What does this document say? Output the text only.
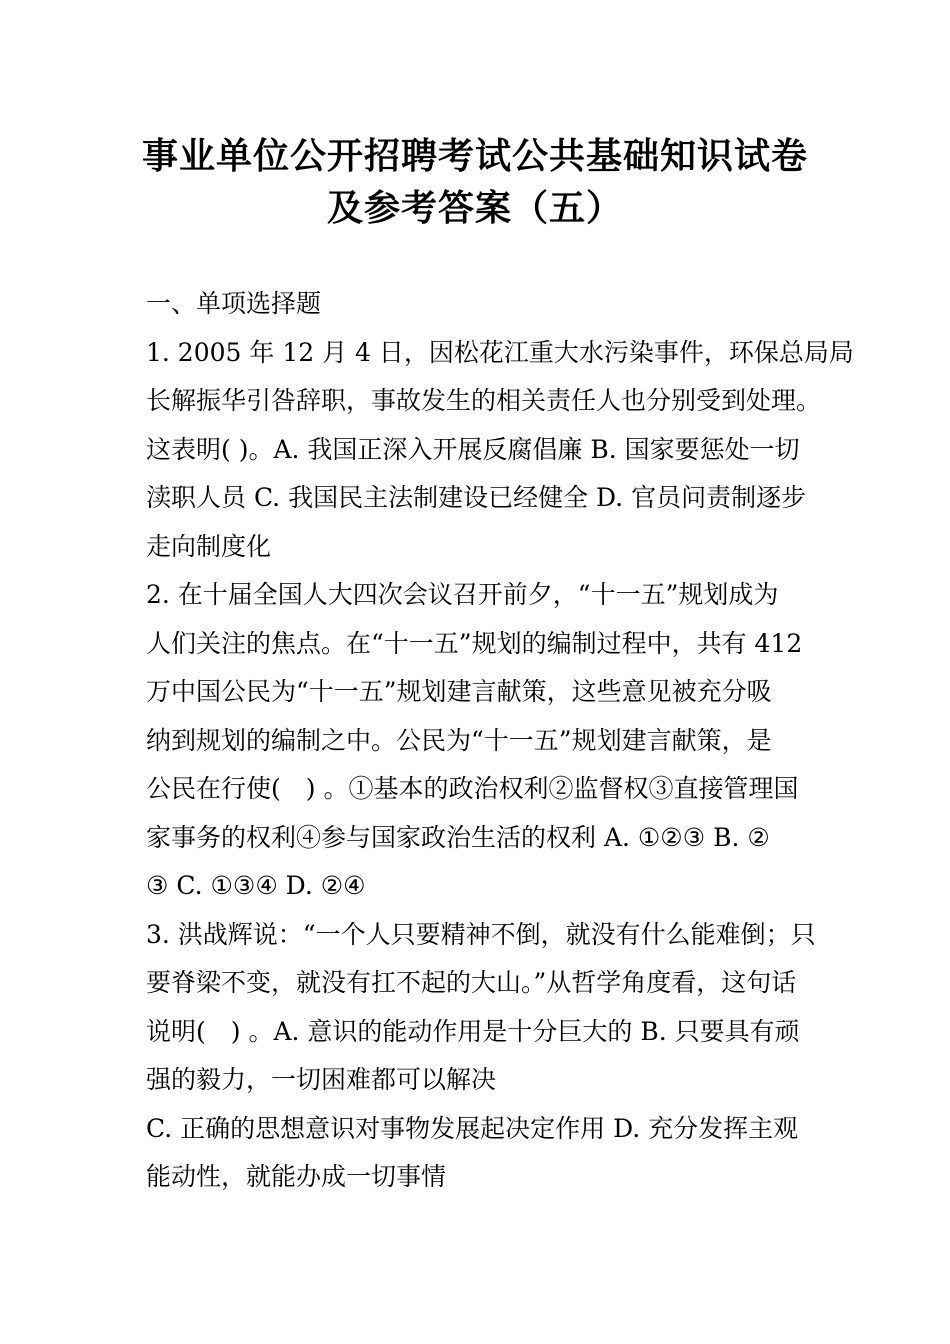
事业单位公开招聘考试公共基础知识试卷
及参考答案（五）
一、单项选择题
1. 2005 年 12 月 4 日，因松花江重大水污染事件，环保总局局
长解振华引咎辞职，事故发生的相关责任人也分别受到处理。
这表明( )。A. 我国正深入开展反腐倡廉 B. 国家要惩处一切
渎职人员 C. 我国民主法制建设已经健全 D. 官员问责制逐步
走向制度化
2. 在十届全国人大四次会议召开前夕，“十一五”规划成为
人们关注的焦点。在“十一五”规划的编制过程中，共有 412
万中国公民为“十一五”规划建言献策，这些意见被充分吸
纳到规划的编制之中。公民为“十一五”规划建言献策，是
公民在行使(　) 。①基本的政治权利②监督权③直接管理国
家事务的权利④参与国家政治生活的权利 A. ①②③ B. ②
③ C. ①③④ D. ②④
3. 洪战辉说：“一个人只要精神不倒，就没有什么能难倒；只
要脊梁不变，就没有扛不起的大山。”从哲学角度看，这句话
说明(　) 。A. 意识的能动作用是十分巨大的 B. 只要具有顽
强的毅力，一切困难都可以解决
C. 正确的思想意识对事物发展起决定作用 D. 充分发挥主观
能动性，就能办成一切事情
